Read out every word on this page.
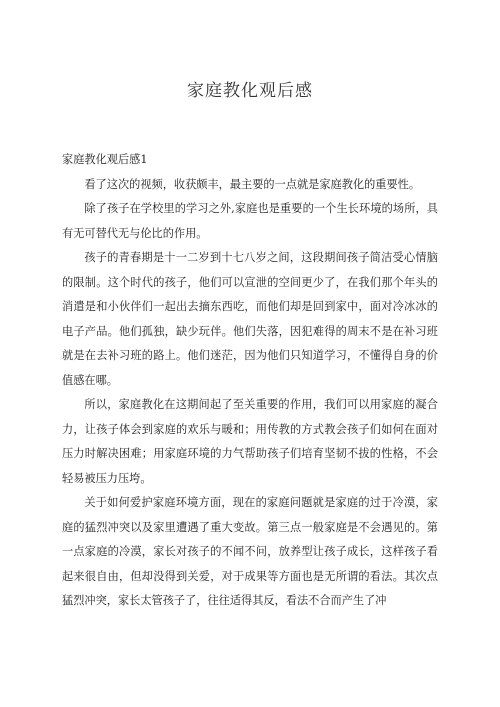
家庭教化观后感

家庭教化观后感1

看了这次的视频，收获颇丰，最主要的一点就是家庭教化的重要性。

除了孩子在学校里的学习之外,家庭也是重要的一个生长环境的场所，具有无可替代无与伦比的作用。

孩子的青春期是十一二岁到十七八岁之间，这段期间孩子简洁受心情脑的限制。这个时代的孩子，他们可以宣泄的空间更少了，在我们那个年头的消遣是和小伙伴们一起出去摘东西吃，而他们却是回到家中，面对冷冰冰的电子产品。他们孤独，缺少玩伴。他们失落，因犯难得的周末不是在补习班就是在去补习班的路上。他们迷茫，因为他们只知道学习，不懂得自身的价值感在哪。

所以，家庭教化在这期间起了至关重要的作用，我们可以用家庭的凝合力，让孩子体会到家庭的欢乐与暖和；用传教的方式教会孩子们如何在面对压力时解决困难；用家庭环境的力气帮助孩子们培育坚韧不拔的性格，不会轻易被压力压垮。

关于如何爱护家庭环境方面，现在的家庭问题就是家庭的过于冷漠，家庭的猛烈冲突以及家里遭遇了重大变故。第三点一般家庭是不会遇见的。第一点家庭的冷漠，家长对孩子的不闻不问，放养型让孩子成长，这样孩子看起来很自由，但却没得到关爱，对于成果等方面也是无所谓的看法。其次点猛烈冲突，家长太管孩子了，往往适得其反，看法不合而产生了冲
